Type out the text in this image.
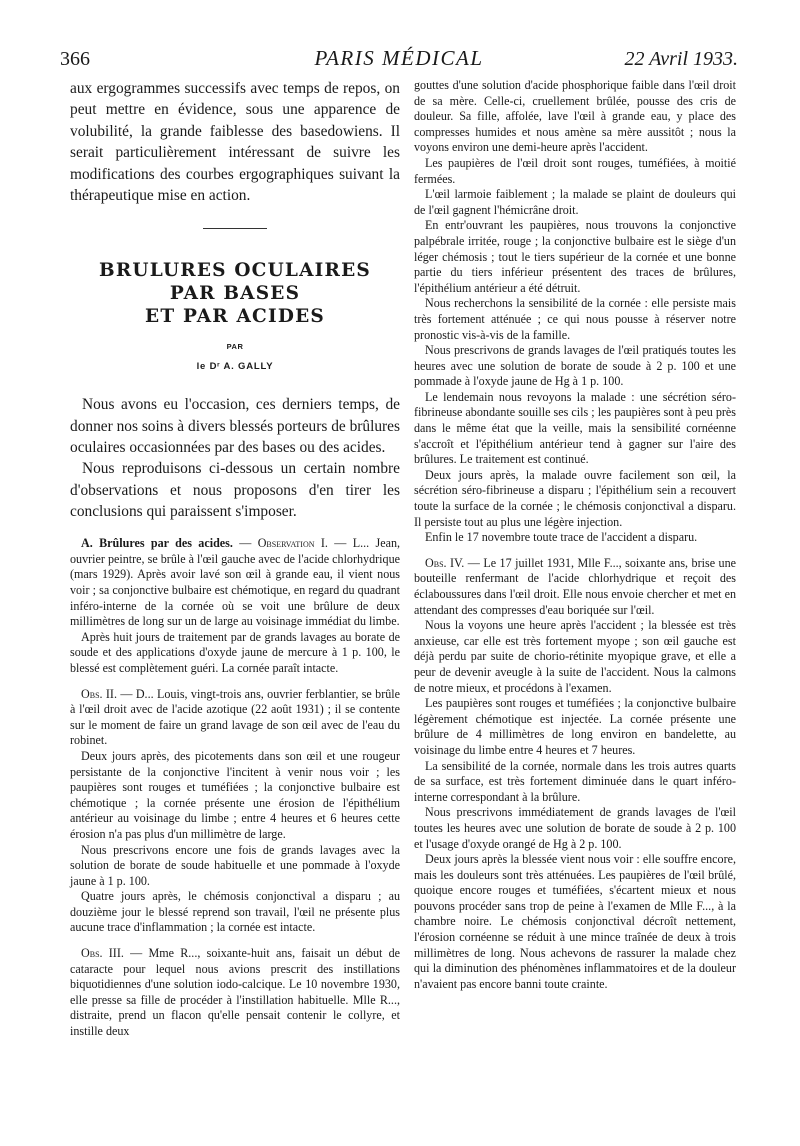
366	PARIS MÉDICAL	22 Avril 1933.

aux ergogrammes successifs avec temps de repos, on peut mettre en évidence, sous une apparence de volubilité, la grande faiblesse des basedowiens. Il serait particulièrement intéressant de suivre les modifications des courbes ergographiques suivant la thérapeutique mise en action.

BRULURES OCULAIRES
PAR BASES
ET PAR ACIDES
PAR
le Dʳ A. GALLY

Nous avons eu l'occasion, ces derniers temps, de donner nos soins à divers blessés porteurs de brûlures oculaires occasionnées par des bases ou des acides.

Nous reproduisons ci-dessous un certain nombre d'observations et nous proposons d'en tirer les conclusions qui paraissent s'imposer.

A. Brûlures par des acides. — Observation I. — L... Jean, ouvrier peintre, se brûle à l'œil gauche avec de l'acide chlorhydrique (mars 1929). Après avoir lavé son œil à grande eau, il vient nous voir ; sa conjonctive bulbaire est chémotique, en regard du quadrant inféro-interne de la cornée où se voit une brûlure de deux millimètres de long sur un de large au voisinage immédiat du limbe.

Après huit jours de traitement par de grands lavages au borate de soude et des applications d'oxyde jaune de mercure à 1 p. 100, le blessé est complètement guéri. La cornée paraît intacte.

Obs. II. — D... Louis, vingt-trois ans, ouvrier ferblantier, se brûle à l'œil droit avec de l'acide azotique (22 août 1931) ; il se contente sur le moment de faire un grand lavage de son œil avec de l'eau du robinet.

Deux jours après, des picotements dans son œil et une rougeur persistante de la conjonctive l'incitent à venir nous voir ; les paupières sont rouges et tuméfiées ; la conjonctive bulbaire est chémotique ; la cornée présente une érosion de l'épithélium antérieur au voisinage du limbe ; entre 4 heures et 6 heures cette érosion n'a pas plus d'un millimètre de large.

Nous prescrivons encore une fois de grands lavages avec la solution de borate de soude habituelle et une pommade à l'oxyde jaune à 1 p. 100.

Quatre jours après, le chémosis conjonctival a disparu ; au douzième jour le blessé reprend son travail, l'œil ne présente plus aucune trace d'inflammation ; la cornée est intacte.

Obs. III. — Mme R..., soixante-huit ans, faisait un début de cataracte pour lequel nous avions prescrit des instillations biquotidiennes d'une solution iodo-calcique. Le 10 novembre 1930, elle presse sa fille de procéder à l'instillation habituelle. Mlle R..., distraite, prend un flacon qu'elle pensait contenir le collyre, et instille deux

gouttes d'une solution d'acide phosphorique faible dans l'œil droit de sa mère. Celle-ci, cruellement brûlée, pousse des cris de douleur. Sa fille, affolée, lave l'œil à grande eau, y place des compresses humides et nous amène sa mère aussitôt ; nous la voyons environ une demi-heure après l'accident.

Les paupières de l'œil droit sont rouges, tuméfiées, à moitié fermées.

L'œil larmoie faiblement ; la malade se plaint de douleurs qui de l'œil gagnent l'hémicrâne droit.

En entr'ouvrant les paupières, nous trouvons la conjonctive palpébrale irritée, rouge ; la conjonctive bulbaire est le siège d'un léger chémosis ; tout le tiers supérieur de la cornée et une bonne partie du tiers inférieur présentent des traces de brûlures, l'épithélium antérieur a été détruit.

Nous recherchons la sensibilité de la cornée : elle persiste mais très fortement atténuée ; ce qui nous pousse à réserver notre pronostic vis-à-vis de la famille.

Nous prescrivons de grands lavages de l'œil pratiqués toutes les heures avec une solution de borate de soude à 2 p. 100 et une pommade à l'oxyde jaune de Hg à 1 p. 100.

Le lendemain nous revoyons la malade : une sécrétion séro-fibrineuse abondante souille ses cils ; les paupières sont à peu près dans le même état que la veille, mais la sensibilité cornéenne s'accroît et l'épithélium antérieur tend à gagner sur l'aire des brûlures. Le traitement est continué.

Deux jours après, la malade ouvre facilement son œil, la sécrétion séro-fibrineuse a disparu ; l'épithélium sein a recouvert toute la surface de la cornée ; le chémosis conjonctival a disparu. Il persiste tout au plus une légère injection.

Enfin le 17 novembre toute trace de l'accident a disparu.

Obs. IV. — Le 17 juillet 1931, Mlle F..., soixante ans, brise une bouteille renfermant de l'acide chlorhydrique et reçoit des éclaboussures dans l'œil droit. Elle nous envoie chercher et met en attendant des compresses d'eau boriquée sur l'œil.

Nous la voyons une heure après l'accident ; la blessée est très anxieuse, car elle est très fortement myope ; son œil gauche est déjà perdu par suite de chorio-rétinite myopique grave, et elle a peur de devenir aveugle à la suite de l'accident. Nous la calmons de notre mieux, et procédons à l'examen.

Les paupières sont rouges et tuméfiées ; la conjonctive bulbaire légèrement chémotique est injectée. La cornée présente une brûlure de 4 millimètres de long environ en bandelette, au voisinage du limbe entre 4 heures et 7 heures.

La sensibilité de la cornée, normale dans les trois autres quarts de sa surface, est très fortement diminuée dans le quart inféro-interne correspondant à la brûlure.

Nous prescrivons immédiatement de grands lavages de l'œil toutes les heures avec une solution de borate de soude à 2 p. 100 et l'usage d'oxyde orangé de Hg à 2 p. 100.

Deux jours après la blessée vient nous voir : elle souffre encore, mais les douleurs sont très atténuées. Les paupières de l'œil brûlé, quoique encore rouges et tuméfiées, s'écartent mieux et nous pouvons procéder sans trop de peine à l'examen de Mlle F..., à la chambre noire. Le chémosis conjonctival décroît nettement, l'érosion cornéenne se réduit à une mince traînée de deux à trois millimètres de long. Nous achevons de rassurer la malade chez qui la diminution des phénomènes inflammatoires et de la douleur n'avaient pas encore banni toute crainte.
